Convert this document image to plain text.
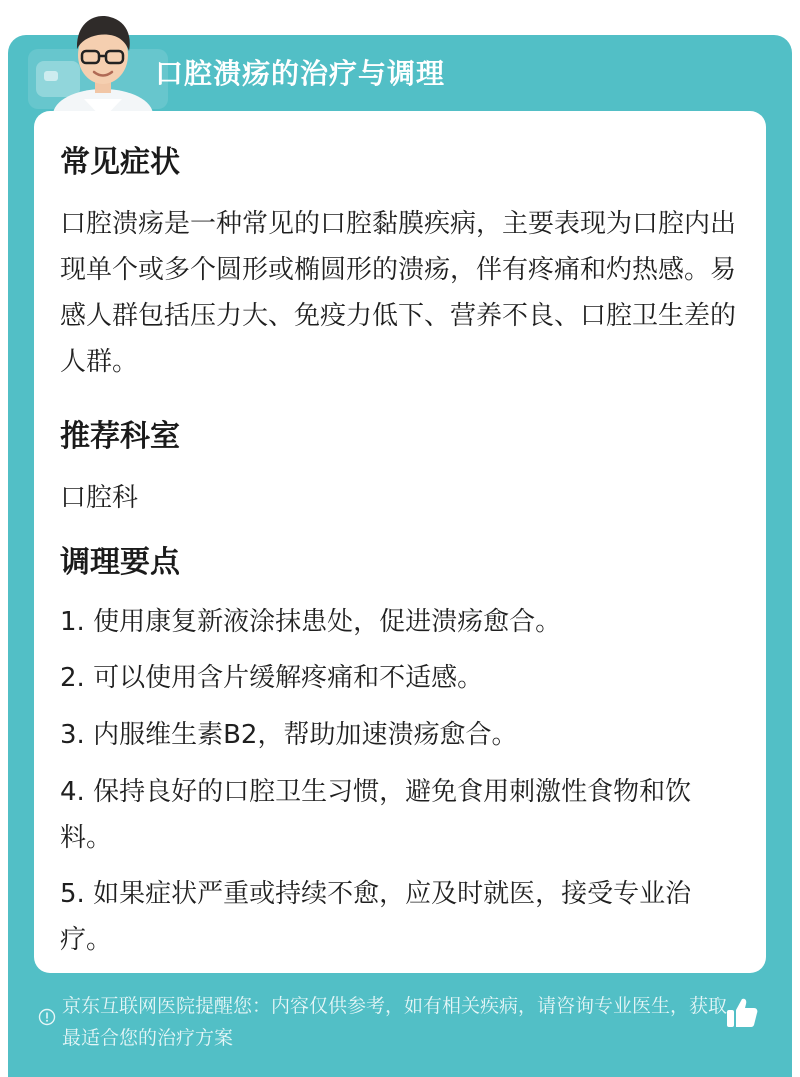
口腔溃疡的治疗与调理
常见症状

口腔溃疡是一种常见的口腔黏膜疾病，主要表现为口腔内出现单个或多个圆形或椭圆形的溃疡，伴有疼痛和灼热感。易感人群包括压力大、免疫力低下、营养不良、口腔卫生差的人群。

推荐科室

口腔科

调理要点

1. 使用康复新液涂抹患处，促进溃疡愈合。

2. 可以使用含片缓解疼痛和不适感。

3. 内服维生素B2，帮助加速溃疡愈合。

4. 保持良好的口腔卫生习惯，避免食用刺激性食物和饮料。

5. 如果症状严重或持续不愈，应及时就医，接受专业治疗。

京东互联网医院提醒您：内容仅供参考，如有相关疾病，请咨询专业医生，获取最适合您的治疗方案
